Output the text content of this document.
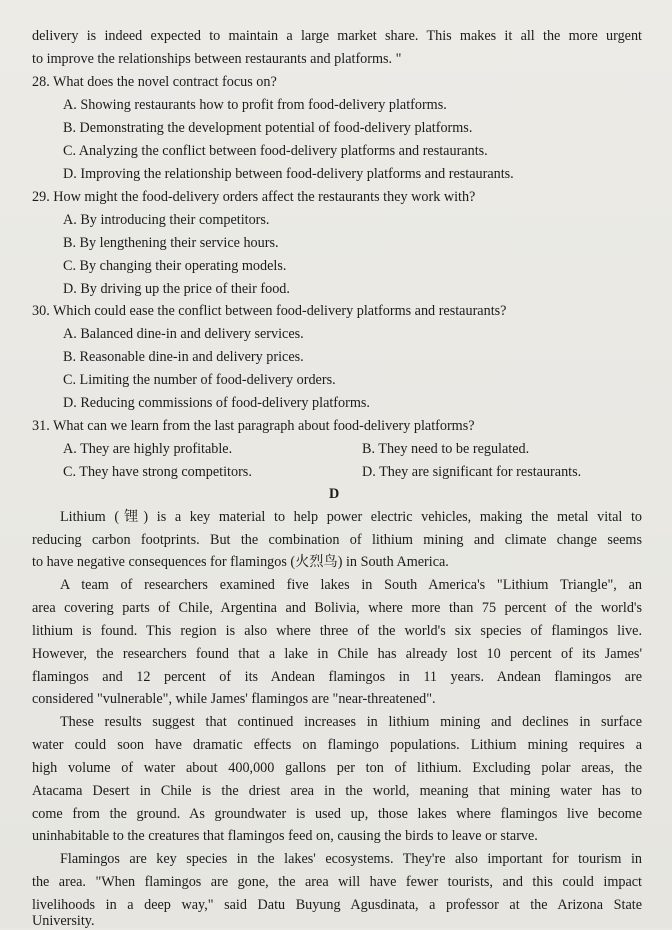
delivery is indeed expected to maintain a large market share. This makes it all the more urgent
to improve the relationships between restaurants and platforms. "
28. What does the novel contract focus on?
A. Showing restaurants how to profit from food-delivery platforms.
B. Demonstrating the development potential of food-delivery platforms.
C. Analyzing the conflict between food-delivery platforms and restaurants.
D. Improving the relationship between food-delivery platforms and restaurants.
29. How might the food-delivery orders affect the restaurants they work with?
A. By introducing their competitors.
B. By lengthening their service hours.
C. By changing their operating models.
D. By driving up the price of their food.
30. Which could ease the conflict between food-delivery platforms and restaurants?
A. Balanced dine-in and delivery services.
B. Reasonable dine-in and delivery prices.
C. Limiting the number of food-delivery orders.
D. Reducing commissions of food-delivery platforms.
31. What can we learn from the last paragraph about food-delivery platforms?
A. They are highly profitable.	B. They need to be regulated.
C. They have strong competitors.	D. They are significant for restaurants.
D
Lithium (锂) is a key material to help power electric vehicles, making the metal vital to
reducing carbon footprints. But the combination of lithium mining and climate change seems
to have negative consequences for flamingos (火烈鸟) in South America.
A team of researchers examined five lakes in South America's "Lithium Triangle", an
area covering parts of Chile, Argentina and Bolivia, where more than 75 percent of the world's
lithium is found. This region is also where three of the world's six species of flamingos live.
However, the researchers found that a lake in Chile has already lost 10 percent of its James'
flamingos and 12 percent of its Andean flamingos in 11 years. Andean flamingos are
considered "vulnerable", while James' flamingos are "near-threatened".
These results suggest that continued increases in lithium mining and declines in surface
water could soon have dramatic effects on flamingo populations. Lithium mining requires a
high volume of water about 400,000 gallons per ton of lithium. Excluding polar areas, the
Atacama Desert in Chile is the driest area in the world, meaning that mining water has to
come from the ground. As groundwater is used up, those lakes where flamingos live become
uninhabitable to the creatures that flamingos feed on, causing the birds to leave or starve.
Flamingos are key species in the lakes' ecosystems. They're also important for tourism in
the area. "When flamingos are gone, the area will have fewer tourists, and this could impact
livelihoods in a deep way," said Datu Buyung Agusdinata, a professor at the Arizona State
University.
